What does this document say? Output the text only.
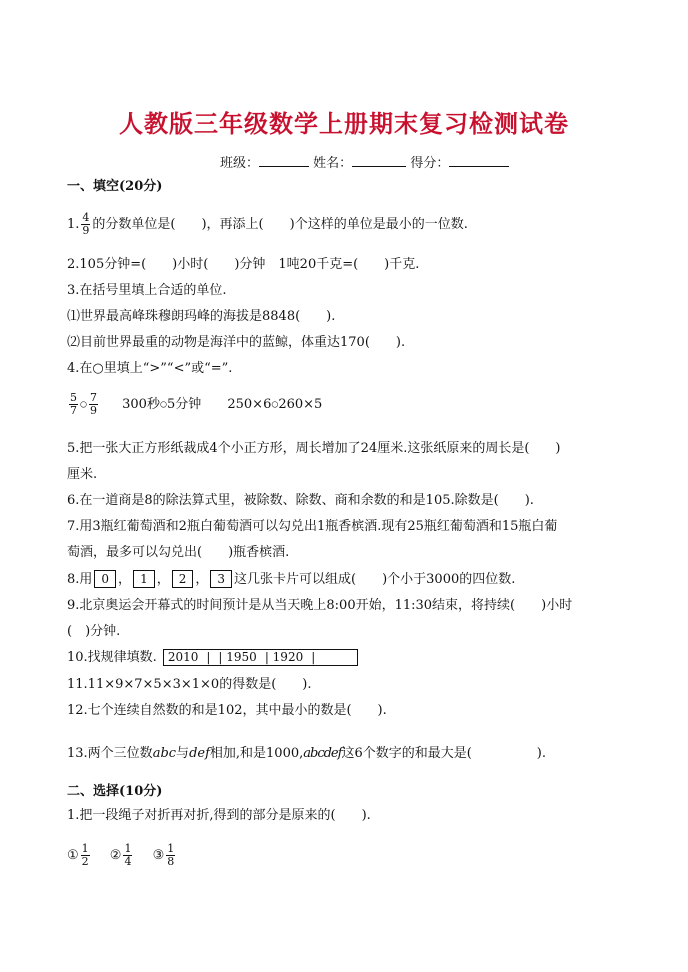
人教版三年级数学上册期末复习检测试卷
班级：	姓名：	得分：
一、填空(20分)
1. $\frac{4}{9}$ 的分数单位是(　　)，再添上(　　)个这样的单位是最小的一位数.
2.105分钟=(　　)小时(　　)分钟　1吨20千克=(　　)千克.
3.在括号里填上合适的单位.
⑴世界最高峰珠穆朗玛峰的海拔是8848(　　).
⑵目前世界最重的动物是海洋中的蓝鲸，体重达170(　　).
4.在○里填上“>”“<”或“=”.
$\frac{5}{7}$ ○ $\frac{7}{9} 300$秒○5分钟 250×6○260×5
5.把一张大正方形纸裁成4个小正方形，周长增加了24厘米.这张纸原来的周长是(　　)
厘米.
6.在一道商是8的除法算式里，被除数、除数、商和余数的和是105.除数是(　　).
7.用3瓶红葡萄酒和2瓶白葡萄酒可以勾兑出1瓶香槟酒.现有25瓶红葡萄酒和15瓶白葡
萄酒，最多可以勾兑出(　　)瓶香槟酒.
8.用 0 ， 1 ， 2 ， 3 这几张卡片可以组成(　　)个小于3000的四位数.
9.北京奥运会开幕式的时间预计是从当天晚上8:00开始，11:30结束，将持续(　　)小时
(　)分钟.
10.找规律填数. 2010 | | 1950 | 1920 |
11.11×9×7×5×3×1×0的得数是(　　).
12.七个连续自然数的和是102，其中最小的数是(　　).
13.两个三位数abc与def相加,和是1000,abcdef这6个数字的和最大是(　　　　　).
二、选择(10分)
1.把一段绳子对折再对折,得到的部分是原来的(　　).
① $\frac{1}{2}$ ② $\frac{1}{4}$ ③ $\frac{1}{8}$
